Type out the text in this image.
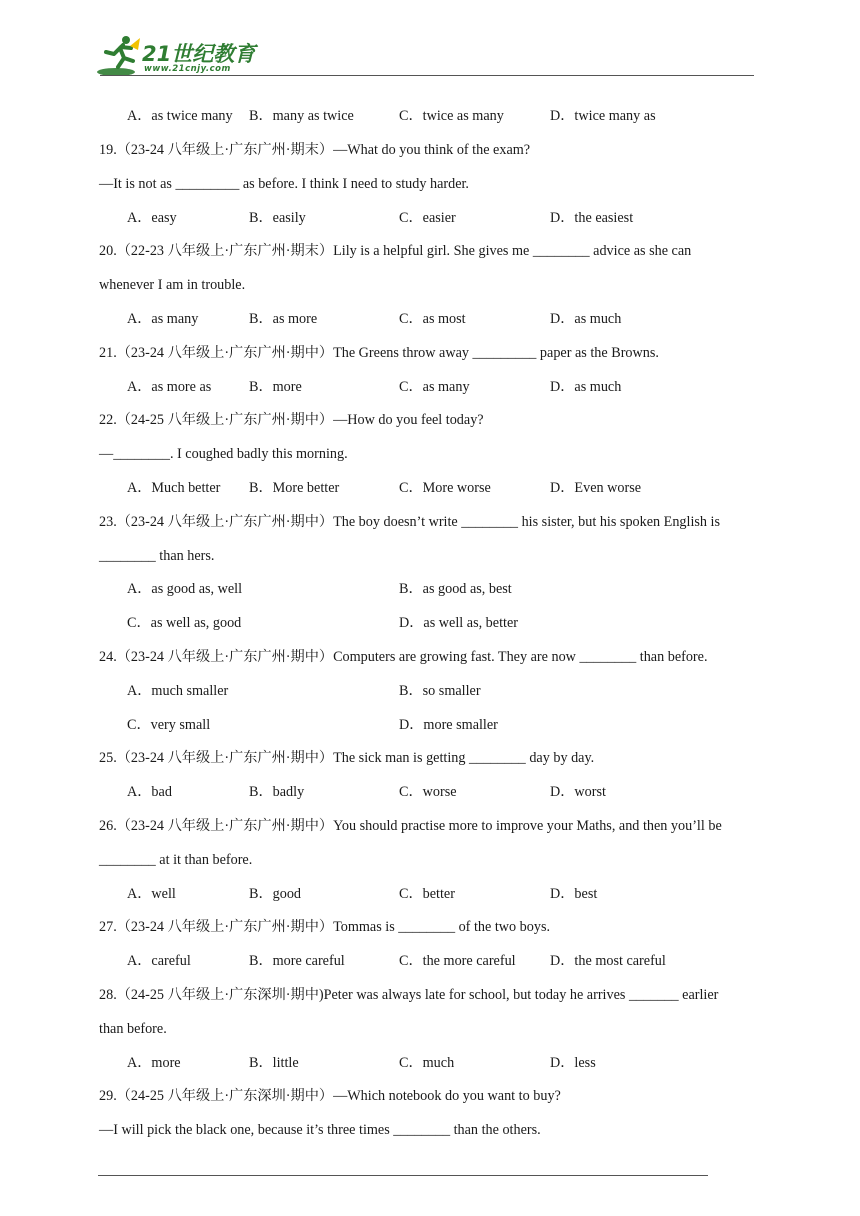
21世纪教育
www.21cnjy.com
A．as twice many B．many as twice	C．twice as many	D．twice many as
19.（23-24 八年级上·广东广州·期末）—What do you think of the exam?
—It is not as _________ as before. I think I need to study harder.
A．easy	B．easily	C．easier	D．the easiest
20.（22-23 八年级上·广东广州·期末）Lily is a helpful girl. She gives me ________ advice as she can
whenever I am in trouble.
A．as many	B．as more	C．as most	D．as much
21.（23-24 八年级上·广东广州·期中）The Greens throw away _________ paper as the Browns.
A．as more as	B．more	C．as many	D．as much
22.（24-25 八年级上·广东广州·期中）—How do you feel today?
—________. I coughed badly this morning.
A．Much better B．More better	C．More worse	D．Even worse
23.（23-24 八年级上·广东广州·期中）The boy doesn’t write ________ his sister, but his spoken English is
________ than hers.
A．as good as, well	B．as good as, best
C．as well as, good	D．as well as, better
24.（23-24 八年级上·广东广州·期中）Computers are growing fast. They are now ________ than before.
A．much smaller	B．so smaller
C．very small	D．more smaller
25.（23-24 八年级上·广东广州·期中）The sick man is getting ________ day by day.
A．bad	B．badly	C．worse	D．worst
26.（23-24 八年级上·广东广州·期中）You should practise more to improve your Maths, and then you’ll be
________ at it than before.
A．well	B．good	C．better	D．best
27.（23-24 八年级上·广东广州·期中）Tommas is ________ of the two boys.
A．careful	B．more careful	C．the more careful D．the most careful
28.（24-25 八年级上·广东深圳·期中)Peter was always late for school, but today he arrives _______ earlier
than before.
A．more	B．little	C．much	D．less
29.（24-25 八年级上·广东深圳·期中）—Which notebook do you want to buy?
—I will pick the black one, because it’s three times ________ than the others.
